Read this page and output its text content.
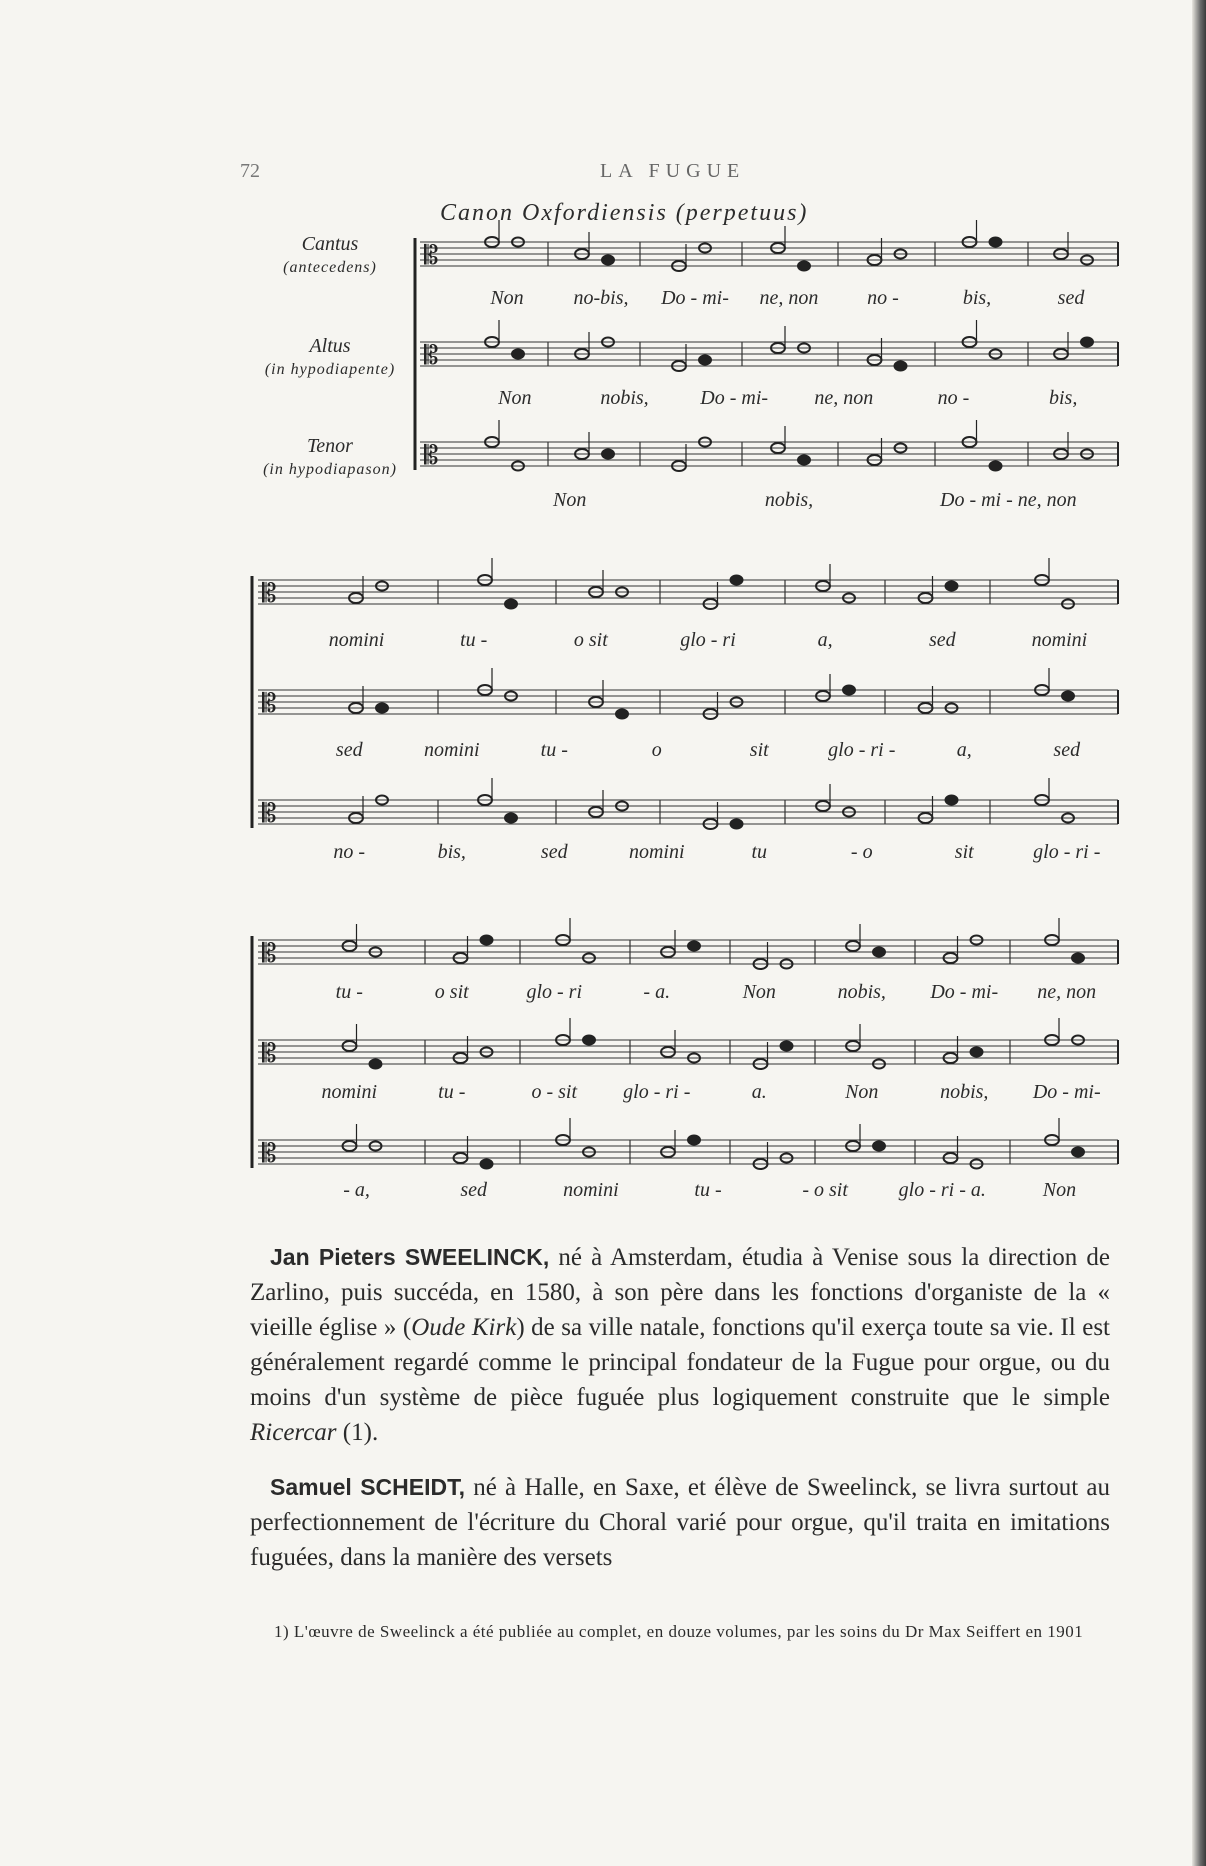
72	LA FUGUE
Canon Oxfordiensis (perpetuus)
Cantus
(antecedens)
Altus
(in hypodiapente)
Tenor
(in hypodiapason)
𝄡
𝄡
𝄡
Non no-bis, Do - mi- ne, non no -	bis,	sed
Non	nobis,	Do - mi- ne, non	no -	bis,
Non	nobis,	Do - mi - ne, non
𝄡
𝄡
𝄡
nomini	tu -	o sit	glo - ri	a,	sed	nomini
sed	nomini	tu -	o	sit	glo - ri -	a,	sed
no -	bis,	sed	nomini	tu	- o	sit	glo - ri -
𝄡
𝄡
𝄡
tu -	o sit	glo - ri	- a.	Non	nobis, Do - mi- ne, non
nomini	tu -	o - sit glo - ri -	a.	Non	nobis, Do - mi-
- a,	sed	nomini	tu -	- o sit	glo - ri - a.	Non

Jan Pieters SWEELINCK, né à Amsterdam, étudia à Venise sous la direction de Zarlino, puis succéda, en 1580, à son père dans les fonctions d'organiste de la « vieille église » (Oude Kirk) de sa ville natale, fonctions qu'il exerça toute sa vie. Il est généralement regardé comme le principal fondateur de la Fugue pour orgue, ou du moins d'un système de pièce fuguée plus logiquement construite que le simple Ricercar (1).

Samuel SCHEIDT, né à Halle, en Saxe, et élève de Sweelinck, se livra surtout au perfectionnement de l'écriture du Choral varié pour orgue, qu'il traita en imitations fuguées, dans la manière des versets

1) L'œuvre de Sweelinck a été publiée au complet, en douze volumes, par les soins du Dr Max Seiffert en 1901
